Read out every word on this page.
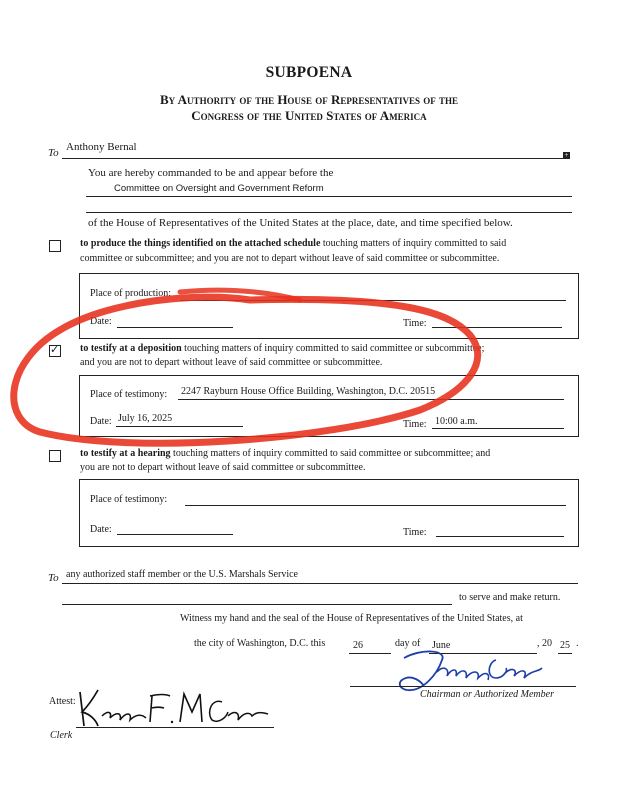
SUBPOENA
By Authority of the House of Representatives of the
Congress of the United States of America
To Anthony Bernal
+
You are hereby commanded to be and appear before the
Committee on Oversight and Government Reform
of the House of Representatives of the United States at the place, date, and time specified below.
to produce the things identified on the attached schedule touching matters of inquiry committed to said
committee or subcommittee; and you are not to depart without leave of said committee or subcommittee.
Place of production:
Date:	Time:
✓ to testify at a deposition touching matters of inquiry committed to said committee or subcommittee;
and you are not to depart without leave of said committee or subcommittee.
Place of testimony: 2247 Rayburn House Office Building, Washington, D.C. 20515
Date: July 16, 2025
Time: 10:00 a.m.
to testify at a hearing touching matters of inquiry committed to said committee or subcommittee; and
you are not to depart without leave of said committee or subcommittee.
Place of testimony:
Date:	Time:
To any authorized staff member or the U.S. Marshals Service
to serve and make return.
Witness my hand and the seal of the House of Representatives of the United States, at
the city of Washington, D.C. this	26	day of June	, 20 25 .
Chairman or Authorized Member
Attest:
Clerk
